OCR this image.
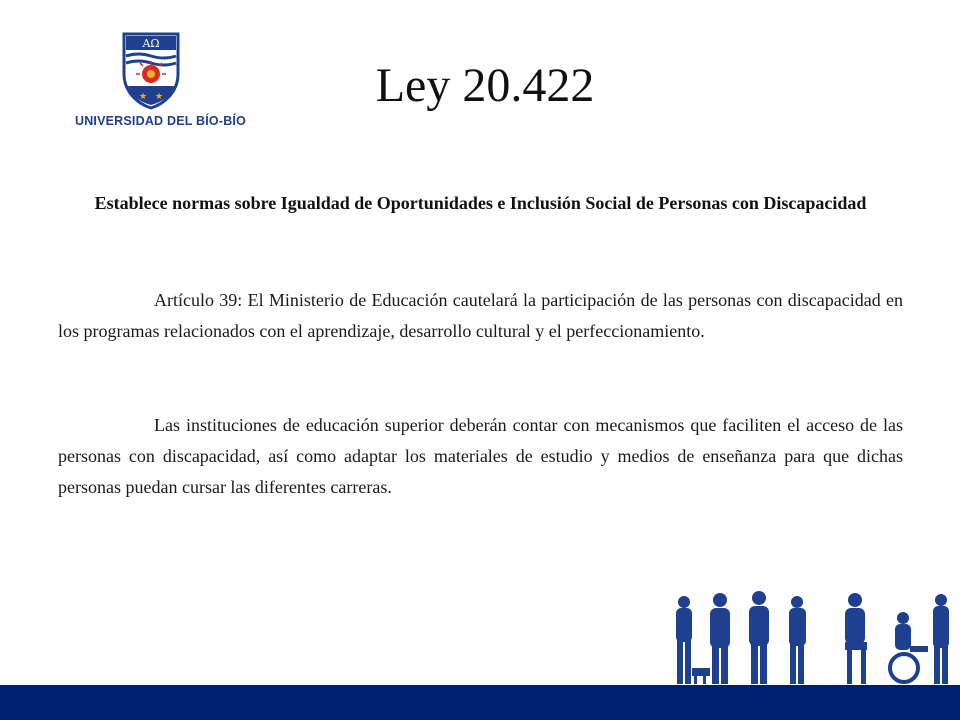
ΑΩ
★ ★
UNIVERSIDAD DEL BÍO-BÍO
Ley 20.422

Establece normas sobre Igualdad de Oportunidades e Inclusión Social de Personas con Discapacidad

Artículo 39: El Ministerio de Educación cautelará la participación de las personas con discapacidad en los programas relacionados con el aprendizaje, desarrollo cultural y el perfeccionamiento.

Las instituciones de educación superior deberán contar con mecanismos que faciliten el acceso de las personas con discapacidad, así como adaptar los materiales de estudio y medios de enseñanza para que dichas personas puedan cursar las diferentes carreras.
